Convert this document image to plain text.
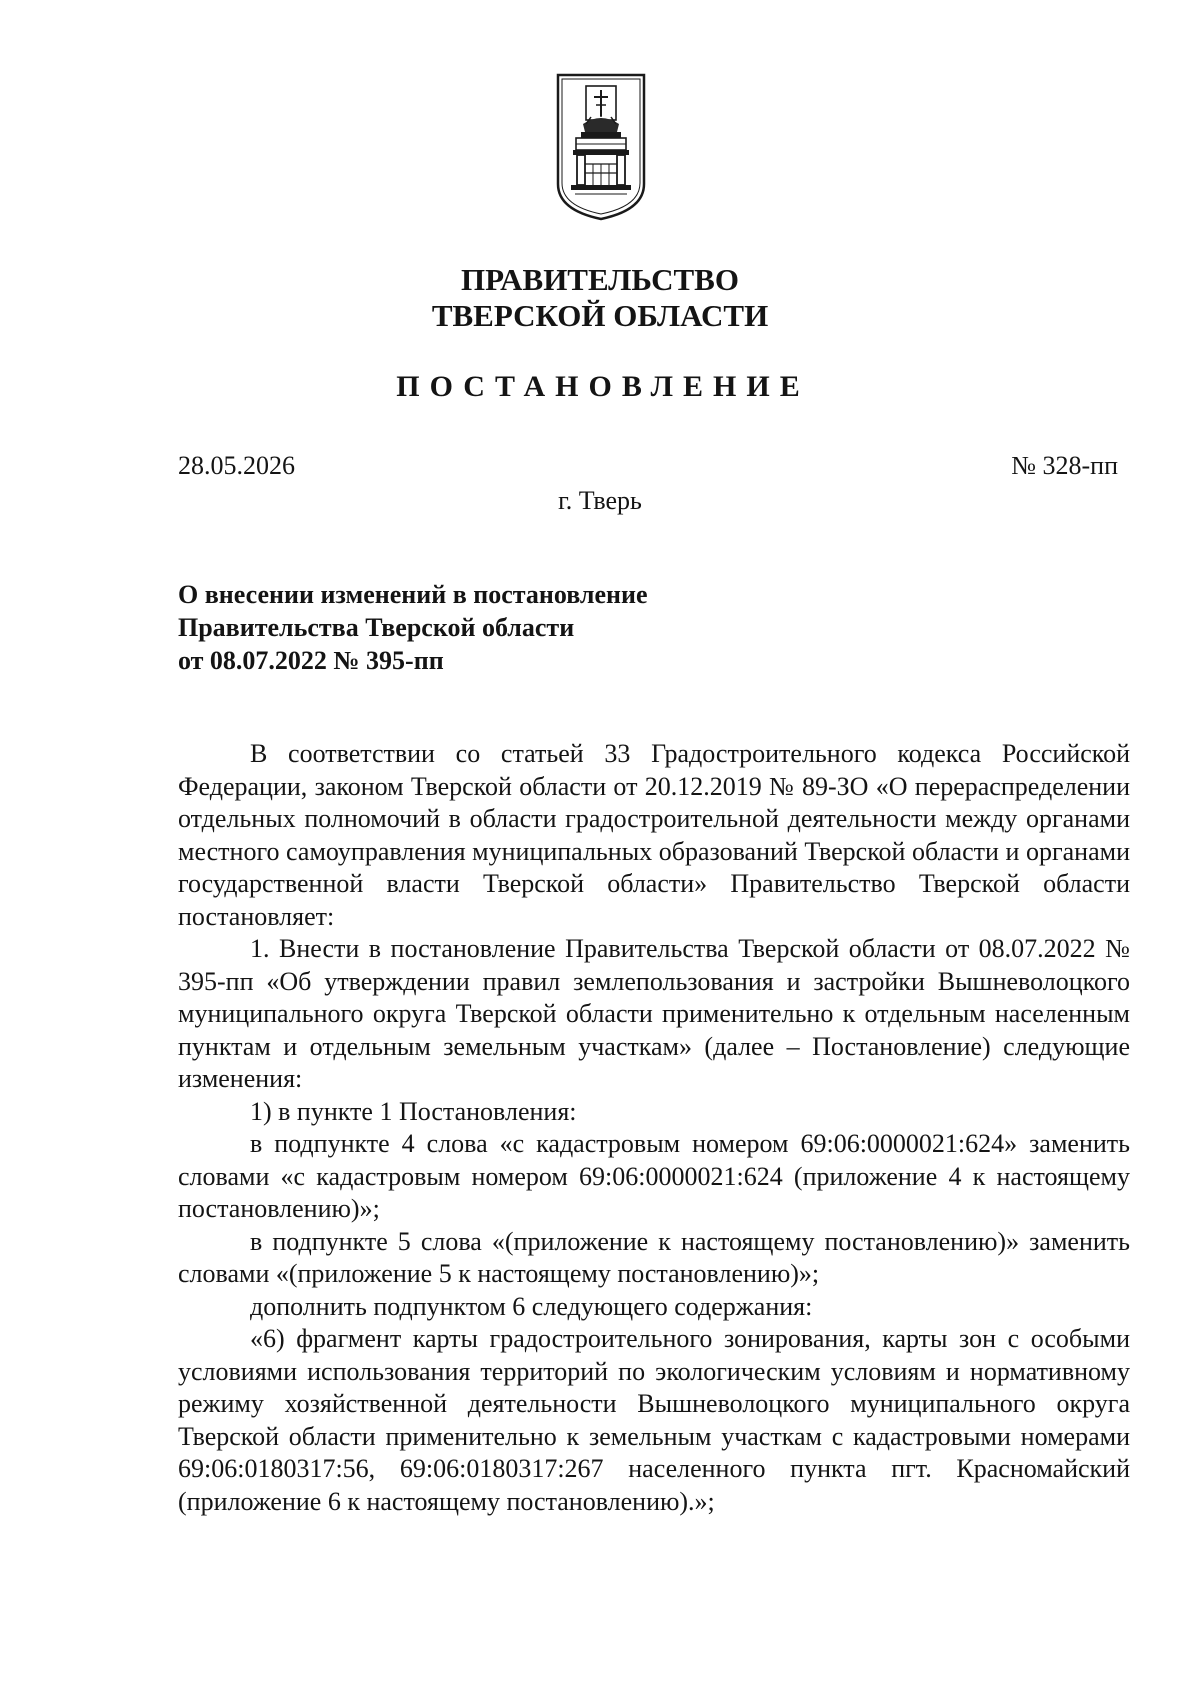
ПРАВИТЕЛЬСТВО
ТВЕРСКОЙ ОБЛАСТИ
ПОСТАНОВЛЕНИЕ
28.05.2026	№ 328-пп
г. Тверь
О внесении изменений в постановление
Правительства Тверской области
от 08.07.2022 № 395-пп

В соответствии со статьей 33 Градостроительного кодекса Российской Федерации, законом Тверской области от 20.12.2019 № 89-ЗО «О перераспределении отдельных полномочий в области градостроительной деятельности между органами местного самоуправления муниципальных образований Тверской области и органами государственной власти Тверской области» Правительство Тверской области постановляет:

1. Внести в постановление Правительства Тверской области от 08.07.2022 № 395-пп «Об утверждении правил землепользования и застройки Вышневолоцкого муниципального округа Тверской области применительно к отдельным населенным пунктам и отдельным земельным участкам» (далее – Постановление) следующие изменения:

1) в пункте 1 Постановления:

в подпункте 4 слова «с кадастровым номером 69:06:0000021:624» заменить словами «с кадастровым номером 69:06:0000021:624 (приложение 4 к настоящему постановлению)»;

в подпункте 5 слова «(приложение к настоящему постановлению)» заменить словами «(приложение 5 к настоящему постановлению)»;

дополнить подпунктом 6 следующего содержания:

«6) фрагмент карты градостроительного зонирования, карты зон с особыми условиями использования территорий по экологическим условиям и нормативному режиму хозяйственной деятельности Вышневолоцкого муниципального округа Тверской области применительно к земельным участкам с кадастровыми номерами 69:06:0180317:56, 69:06:0180317:267 населенного пункта пгт. Красномайский (приложение 6 к настоящему постановлению).»;
